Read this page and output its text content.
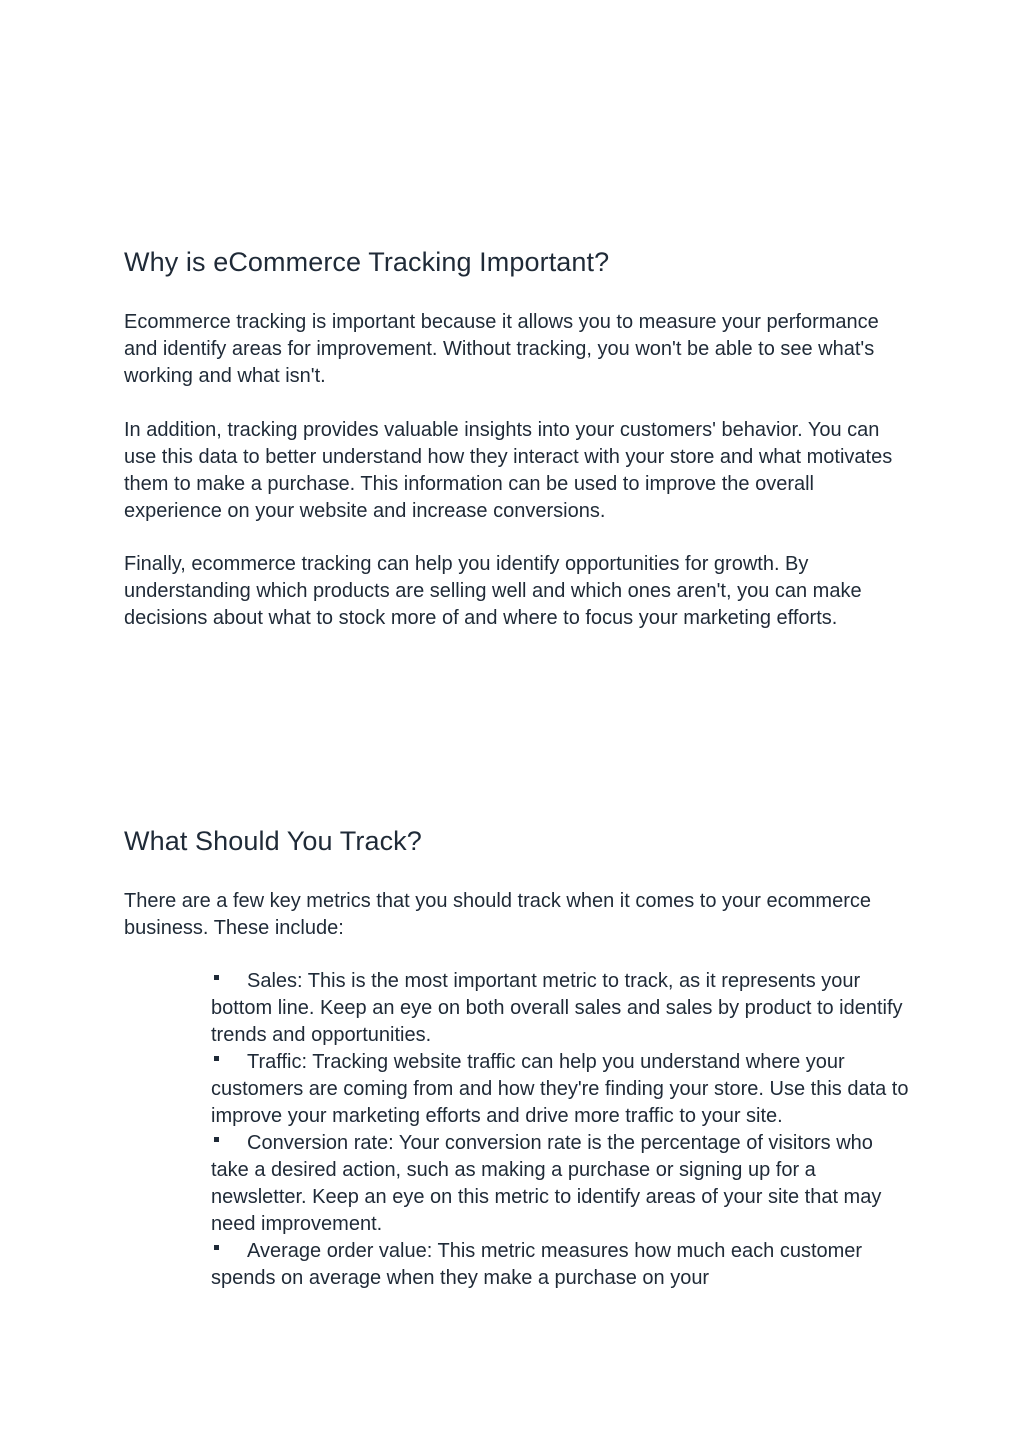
Why is eCommerce Tracking Important?

Ecommerce tracking is important because it allows you to measure your performance and identify areas for improvement. Without tracking, you won't be able to see what's working and what isn't.

In addition, tracking provides valuable insights into your customers' behavior. You can use this data to better understand how they interact with your store and what motivates them to make a purchase. This information can be used to improve the overall experience on your website and increase conversions.

Finally, ecommerce tracking can help you identify opportunities for growth. By understanding which products are selling well and which ones aren't, you can make decisions about what to stock more of and where to focus your marketing efforts.

What Should You Track?

There are a few key metrics that you should track when it comes to your ecommerce business. These include:

Sales: This is the most important metric to track, as it represents your bottom line. Keep an eye on both overall sales and sales by product to identify trends and opportunities.
Traffic: Tracking website traffic can help you understand where your customers are coming from and how they're finding your store. Use this data to improve your marketing efforts and drive more traffic to your site.
Conversion rate: Your conversion rate is the percentage of visitors who take a desired action, such as making a purchase or signing up for a newsletter. Keep an eye on this metric to identify areas of your site that may need improvement.
Average order value: This metric measures how much each customer spends on average when they make a purchase on your
